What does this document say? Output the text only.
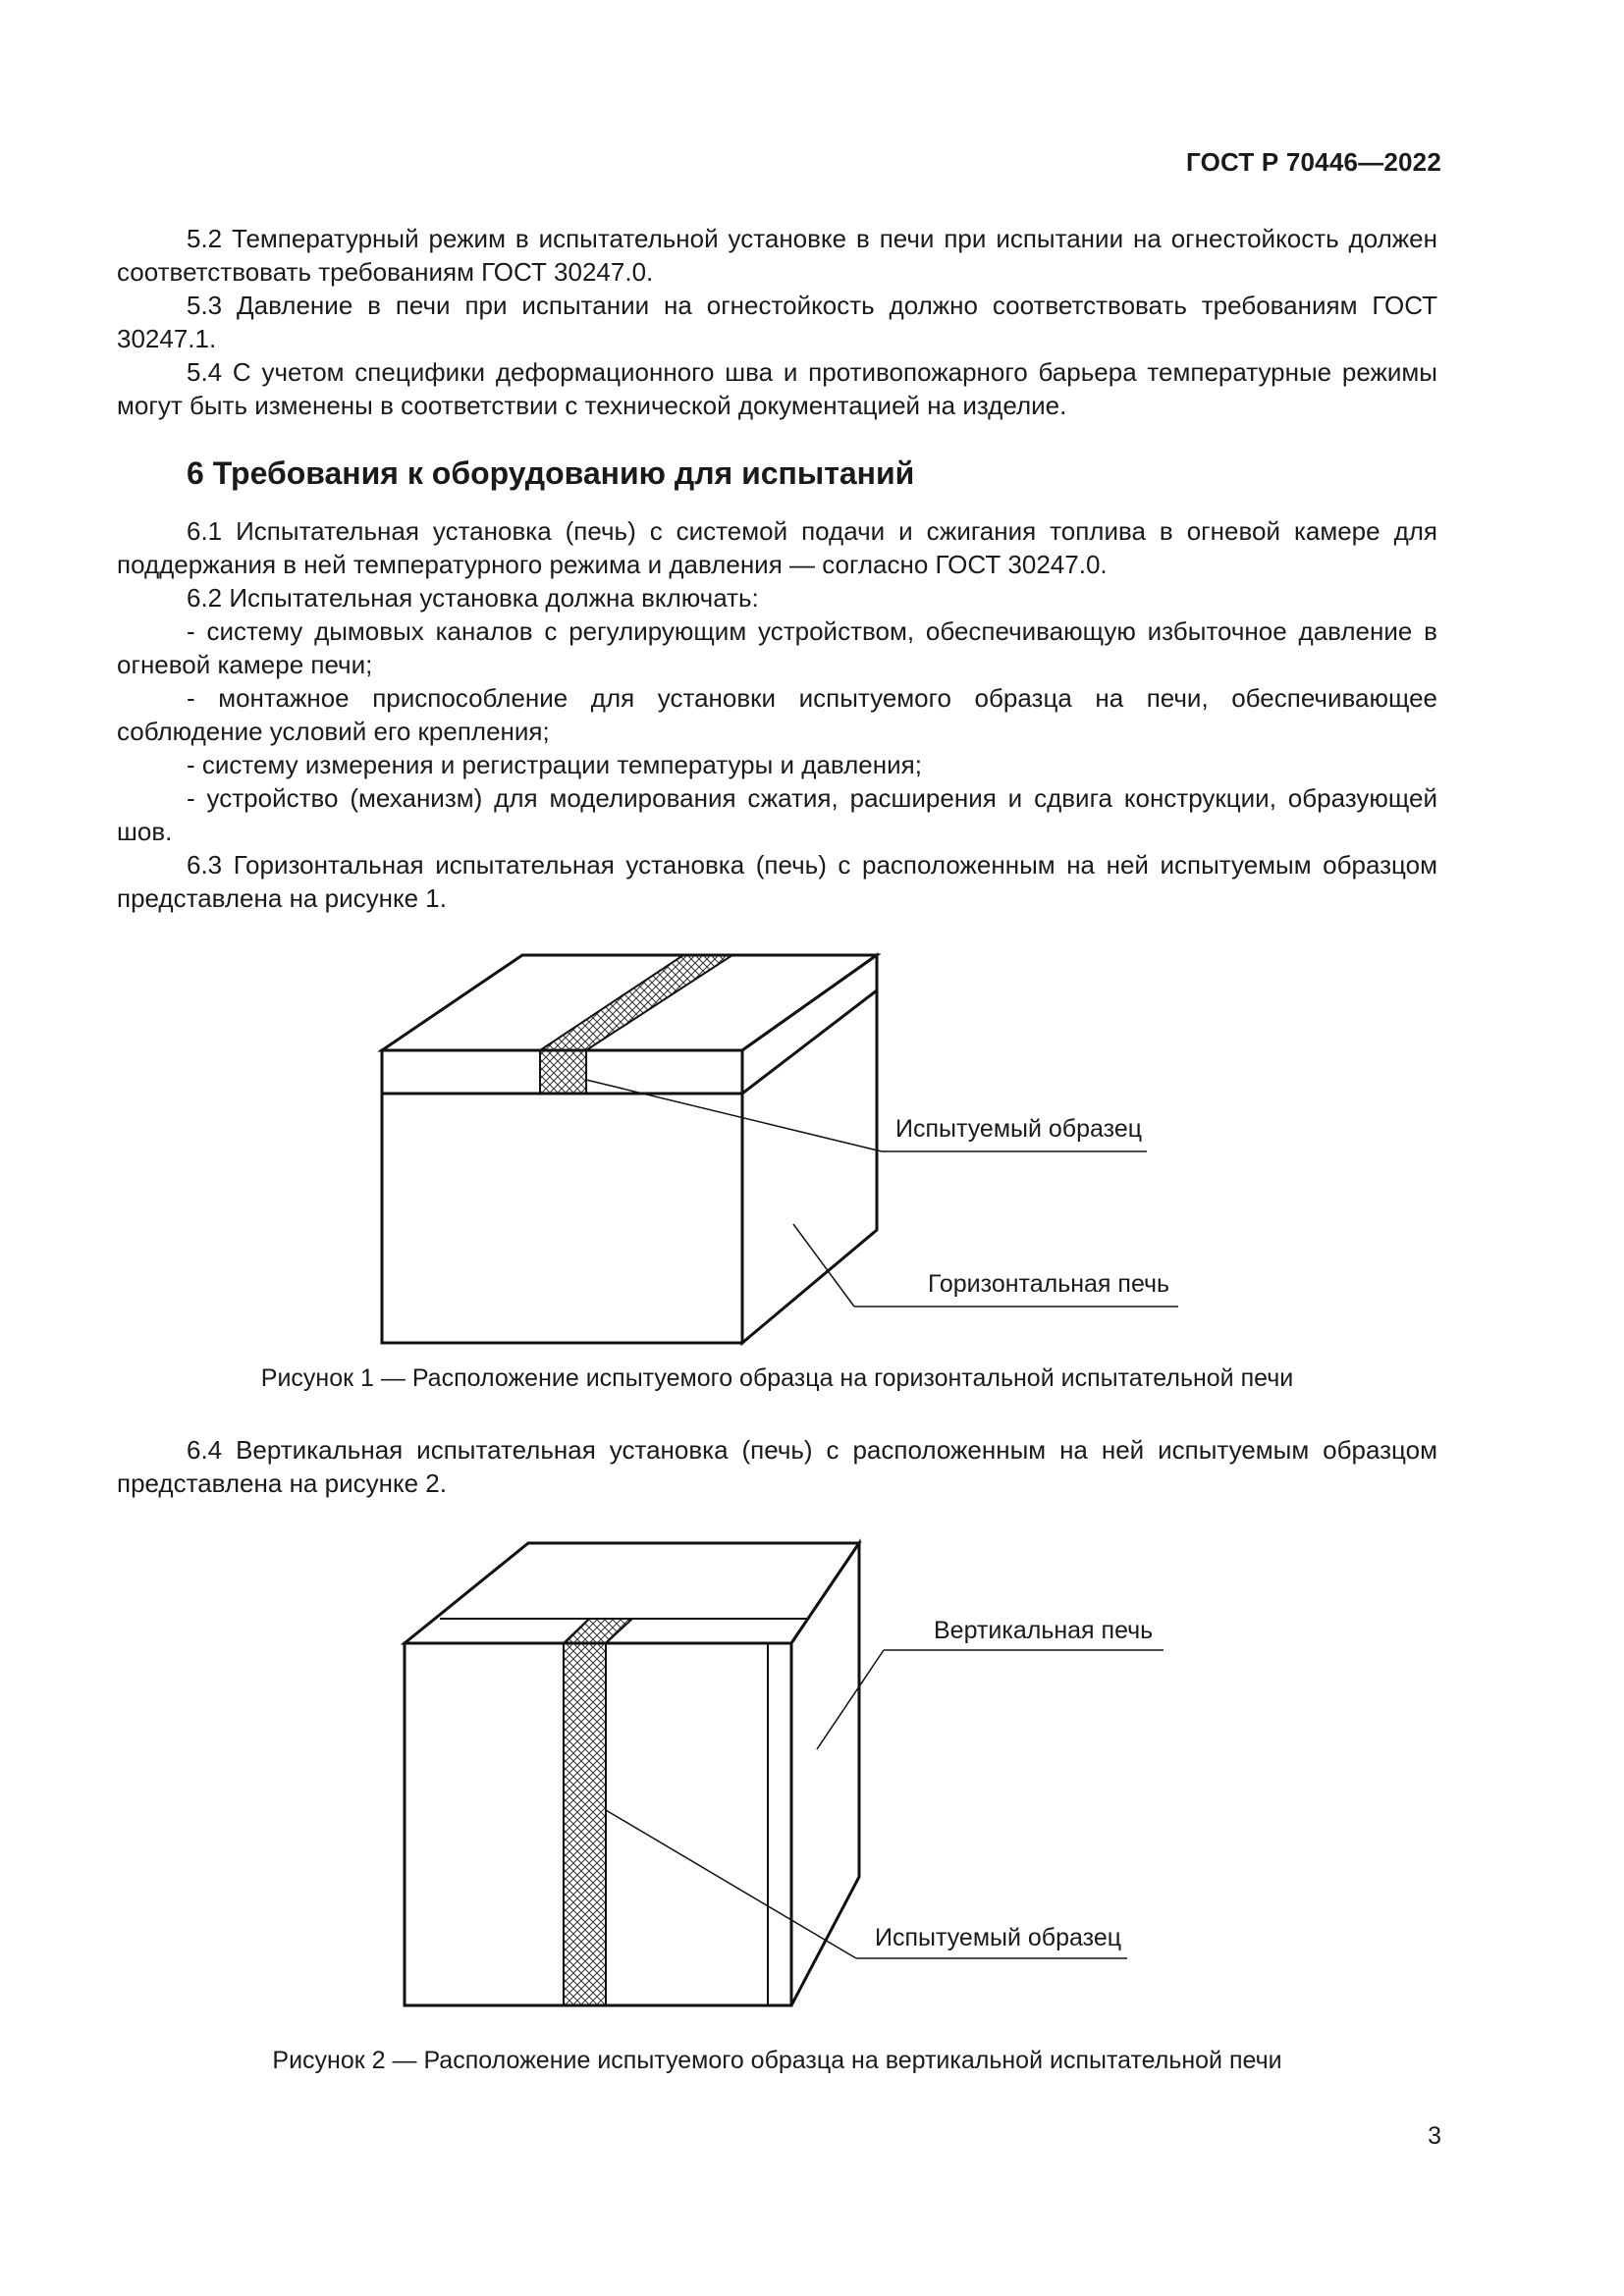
ГОСТ Р 70446—2022

5.2 Температурный режим в испытательной установке в печи при испытании на огнестойкость должен соответствовать требованиям ГОСТ 30247.0.

5.3 Давление в печи при испытании на огнестойкость должно соответствовать требованиям ГОСТ 30247.1.

5.4 С учетом специфики деформационного шва и противопожарного барьера температурные режимы могут быть изменены в соответствии с технической документацией на изделие.

6 Требования к оборудованию для испытаний

6.1 Испытательная установка (печь) с системой подачи и сжигания топлива в огневой камере для поддержания в ней температурного режима и давления — согласно ГОСТ 30247.0.

6.2 Испытательная установка должна включать:

- систему дымовых каналов с регулирующим устройством, обеспечивающую избыточное давление в огневой камере печи;

- монтажное приспособление для установки испытуемого образца на печи, обеспечивающее соблюдение условий его крепления;

- систему измерения и регистрации температуры и давления;

- устройство (механизм) для моделирования сжатия, расширения и сдвига конструкции, образующей шов.

6.3 Горизонтальная испытательная установка (печь) с расположенным на ней испытуемым образцом представлена на рисунке 1.

Испытуемый образец
Горизонтальная печь
Рисунок 1 — Расположение испытуемого образца на горизонтальной испытательной печи

6.4 Вертикальная испытательная установка (печь) с расположенным на ней испытуемым образцом представлена на рисунке 2.

Вертикальная печь
Испытуемый образец
Рисунок 2 — Расположение испытуемого образца на вертикальной испытательной печи
3
